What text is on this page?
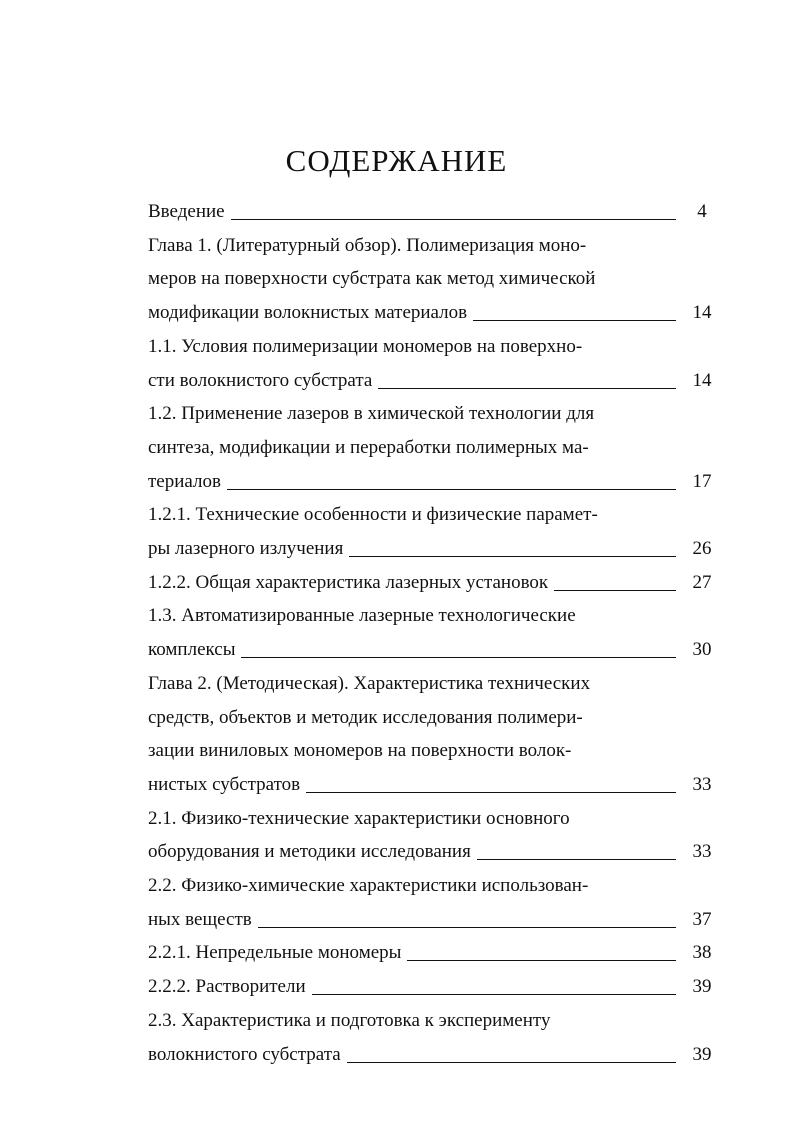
СОДЕРЖАНИЕ
Введение	4
Глава 1. (Литературный обзор). Полимеризация моно-
меров на поверхности субстрата как метод химической
модификации волокнистых материалов	14
1.1. Условия полимеризации мономеров на поверхно-
сти волокнистого субстрата	14
1.2. Применение лазеров в химической технологии для
синтеза, модификации и переработки полимерных ма-
териалов	17
1.2.1. Технические особенности и физические парамет-
ры лазерного излучения	26
1.2.2. Общая характеристика лазерных установок	27
1.3. Автоматизированные лазерные технологические
комплексы	30
Глава 2. (Методическая). Характеристика технических
средств, объектов и методик исследования полимери-
зации виниловых мономеров на поверхности волок-
нистых субстратов	33
2.1. Физико-технические характеристики основного
оборудования и методики исследования	33
2.2. Физико-химические характеристики использован-
ных веществ	37
2.2.1. Непредельные мономеры	38
2.2.2. Растворители	39
2.3. Характеристика и подготовка к эксперименту
волокнистого субстрата	39
